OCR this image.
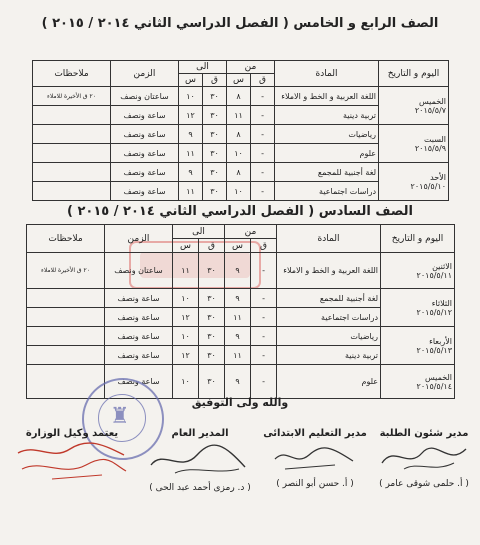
الصف الرابع و الخامس ( الفصل الدراسي الثاني ٢٠١٤ / ٢٠١٥ )
اليوم و التاريخ	المادة	من		الى		الزمن	ملاحظات
		ق	س	ق	س		
الخميس
٢٠١٥/٥/٧	اللغة العربية و الخط و الاملاء	-	٨	٣٠	١٠	ساعتان ونصف	٢٠ ق الأخيرة للاملاء
	تربية دينية	-	١١	٣٠	١٢	ساعة ونصف	
السبت
٢٠١٥/٥/٩	رياضيات	-	٨	٣٠	٩	ساعة ونصف	
	علوم	-	١٠	٣٠	١١	ساعة ونصف	
الأحد
٢٠١٥/٥/١٠	لغة أجنبية للمجمع	-	٨	٣٠	٩	ساعة ونصف	
	دراسات اجتماعية	-	١٠	٣٠	١١	ساعة ونصف	
الصف السادس ( الفصل الدراسي الثاني ٢٠١٤ / ٢٠١٥ )
اليوم و التاريخ	المادة	من		الى		الزمن	ملاحظات
		ق	س	ق	س		
الاثنين
٢٠١٥/٥/١١	اللغة العربية و الخط و الاملاء	-	٩	٣٠	١١	ساعتان ونصف	٢٠ ق الأخيرة للاملاء
الثلاثاء
٢٠١٥/٥/١٢	لغة أجنبية للمجمع	-	٩	٣٠	١٠	ساعة ونصف	
	دراسات اجتماعية	-	١١	٣٠	١٢	ساعة ونصف	
الأربعاء
٢٠١٥/٥/١٣	رياضيات	-	٩	٣٠	١٠	ساعة ونصف	
	تربية دينية	-	١١	٣٠	١٢	ساعة ونصف	
الخميس
٢٠١٥/٥/١٤	علوم	-	٩	٣٠	١٠	ساعة ونصف	
♜
والله ولى التوفيق
مدير شئون الطلبة
( أ. حلمى شوقى عامر )
مدير التعليم الابتدائى
( أ. حسن أبو النصر )
المدير العام
( د. رمزى أحمد عبد الحى )
يعتمد وكيل الوزارة
